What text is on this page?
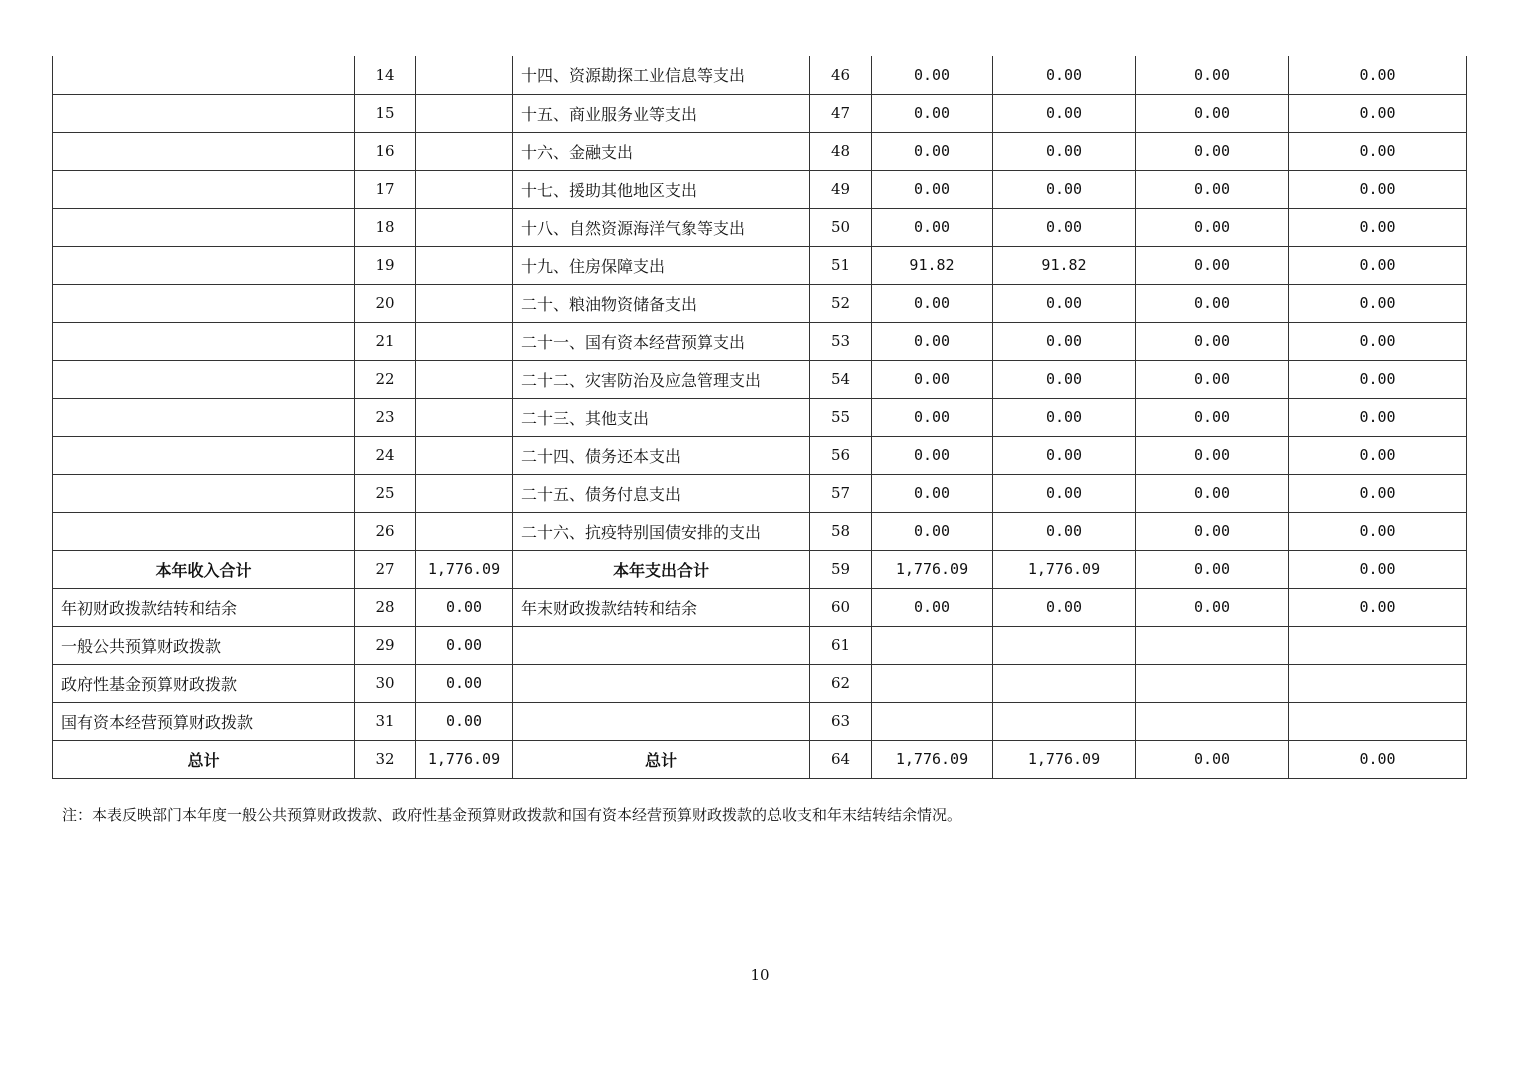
	14		十四、资源勘探工业信息等支出	46	0.00	0.00	0.00	0.00
	15		十五、商业服务业等支出	47	0.00	0.00	0.00	0.00
	16		十六、金融支出	48	0.00	0.00	0.00	0.00
	17		十七、援助其他地区支出	49	0.00	0.00	0.00	0.00
	18		十八、自然资源海洋气象等支出	50	0.00	0.00	0.00	0.00
	19		十九、住房保障支出	51	91.82	91.82	0.00	0.00
	20		二十、粮油物资储备支出	52	0.00	0.00	0.00	0.00
	21		二十一、国有资本经营预算支出	53	0.00	0.00	0.00	0.00
	22		二十二、灾害防治及应急管理支出	54	0.00	0.00	0.00	0.00
	23		二十三、其他支出	55	0.00	0.00	0.00	0.00
	24		二十四、债务还本支出	56	0.00	0.00	0.00	0.00
	25		二十五、债务付息支出	57	0.00	0.00	0.00	0.00
	26		二十六、抗疫特别国债安排的支出	58	0.00	0.00	0.00	0.00
本年收入合计	27	1,776.09	本年支出合计	59	1,776.09	1,776.09	0.00	0.00
年初财政拨款结转和结余	28	0.00	年末财政拨款结转和结余	60	0.00	0.00	0.00	0.00
一般公共预算财政拨款	29	0.00		61				
政府性基金预算财政拨款	30	0.00		62				
国有资本经营预算财政拨款	31	0.00		63				
总计	32	1,776.09	总计	64	1,776.09	1,776.09	0.00	0.00
注：本表反映部门本年度一般公共预算财政拨款、政府性基金预算财政拨款和国有资本经营预算财政拨款的总收支和年末结转结余情况。
10
